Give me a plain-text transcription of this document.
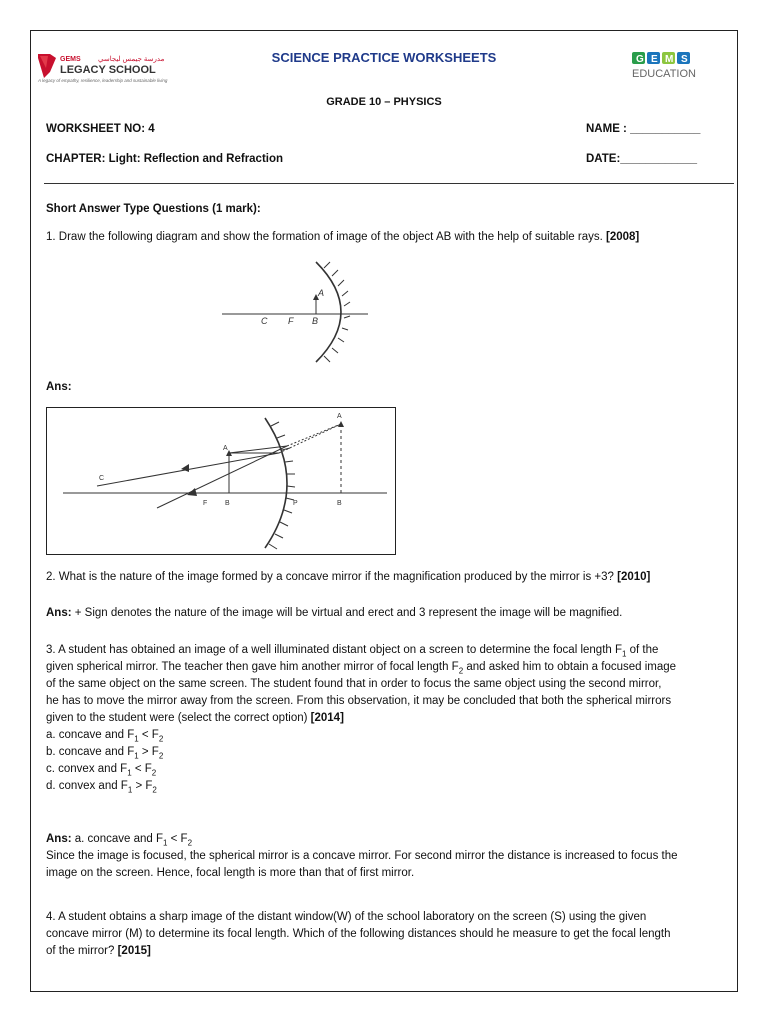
GEMS مدرسة جيمس ليجاسي
LEGACY SCHOOL
A legacy of empathy, resilience, leadership and sustainable living
SCIENCE PRACTICE WORKSHEETS	G E M S
EDUCATION
GRADE 10 – PHYSICS
WORKSHEET NO: 4	NAME : ___________
CHAPTER: Light: Reflection and Refraction	DATE:____________
Short Answer Type Questions (1 mark):
1. Draw the following diagram and show the formation of image of the object AB with the help of suitable rays. [2008]
A
C F B
Ans:
C
A
F	B	P
A
B
2. What is the nature of the image formed by a concave mirror if the magnification produced by the mirror is +3? [2010]
Ans: + Sign denotes the nature of the image will be virtual and erect and 3 represent the image will be magnified.
3. A student has obtained an image of a well illuminated distant object on a screen to determine the focal length $F_1$ of the
given spherical mirror. The teacher then gave him another mirror of focal length $F_2$ and asked him to obtain a focused image
of the same object on the same screen. The student found that in order to focus the same object using the second mirror,
he has to move the mirror away from the screen. From this observation, it may be concluded that both the spherical mirrors
given to the student were (select the correct option) [2014]
a. concave and $F_1 < F_2$
b. concave and $F_1 > F_2$
c. convex and $F_1 < F_2$
d. convex and $F_1 > F_2$
Ans: a. concave and $F_1 < F_2$
Since the image is focused, the spherical mirror is a concave mirror. For second mirror the distance is increased to focus the
image on the screen. Hence, focal length is more than that of first mirror.
4. A student obtains a sharp image of the distant window(W) of the school laboratory on the screen (S) using the given
concave mirror (M) to determine its focal length. Which of the following distances should he measure to get the focal length
of the mirror? [2015]
